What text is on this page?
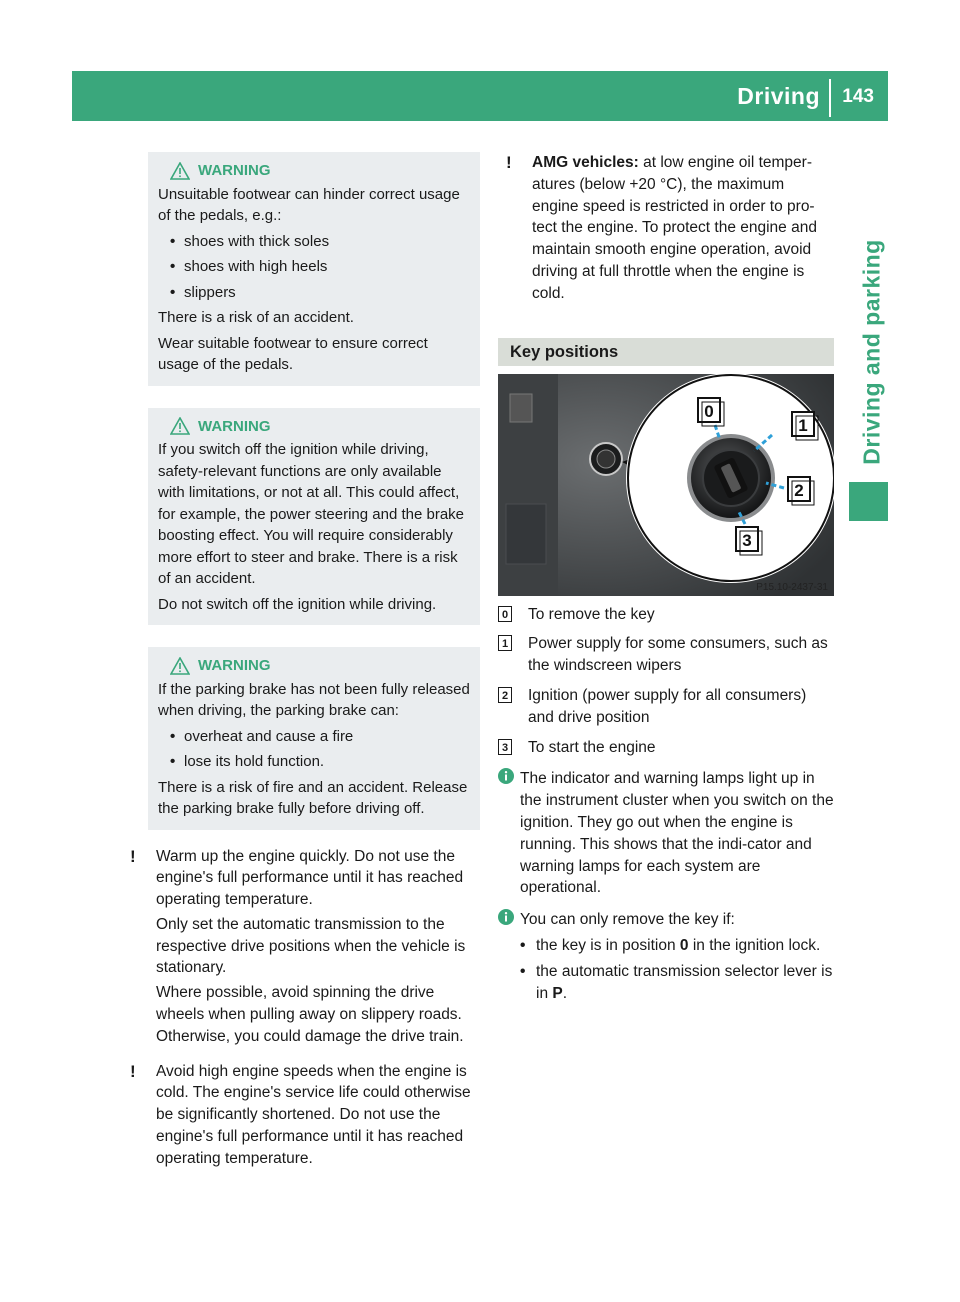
Driving 143
Driving and parking
WARNING

Unsuitable footwear can hinder correct usage of the pedals, e.g.:

• shoes with thick soles

• shoes with high heels

• slippers

There is a risk of an accident.

Wear suitable footwear to ensure correct usage of the pedals.

WARNING

If you switch off the ignition while driving, safety-relevant functions are only available with limitations, or not at all. This could affect, for example, the power steering and the brake boosting effect. You will require considerably more effort to steer and brake. There is a risk of an accident.

Do not switch off the ignition while driving.

WARNING

If the parking brake has not been fully released when driving, the parking brake can:

• overheat and cause a fire

• lose its hold function.

There is a risk of fire and an accident. Release the parking brake fully before driving off.

!	Warm up the engine quickly. Do not use the engine's full performance until it has reached operating temperature.

Only set the automatic transmission to the respective drive positions when the vehicle is stationary.

Where possible, avoid spinning the drive wheels when pulling away on slippery roads. Otherwise, you could damage the drive train.

!	Avoid high engine speeds when the engine is cold. The engine's service life could otherwise be significantly shortened. Do not use the engine's full performance until it has reached operating temperature.

!	AMG vehicles: at low engine oil temper-atures (below +20 °C), the maximum engine speed is restricted in order to pro-tect the engine. To protect the engine and maintain smooth engine operation, avoid driving at full throttle when the engine is cold.

Key positions
0
1
2
3
P15.10-2437-31
0 To remove the key
1 Power supply for some consumers, such as the windscreen wipers
2 Ignition (power supply for all consumers) and drive position
3 To start the engine

The indicator and warning lamps light up in the instrument cluster when you switch on the ignition. They go out when the engine is running. This shows that the indi-cator and warning lamps for each system are operational.

You can only remove the key if:

• the key is in position 0 in the ignition lock.
• the automatic transmission selector lever is in P.
